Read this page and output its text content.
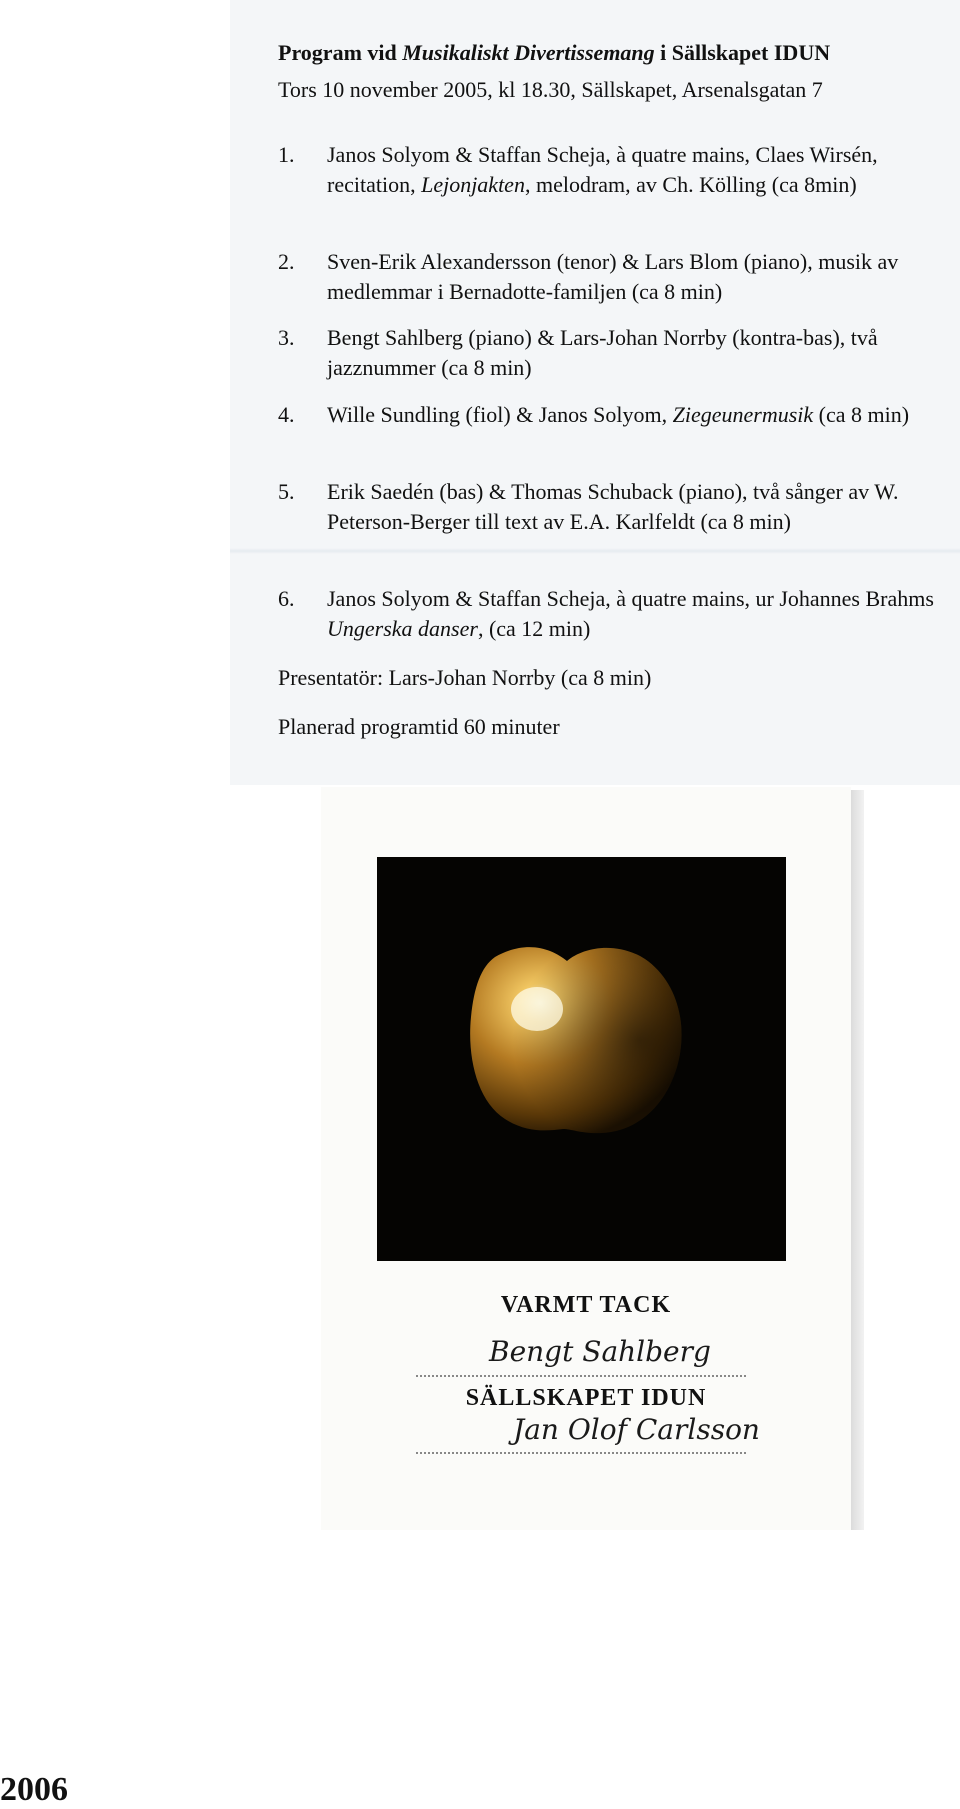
Program vid Musikaliskt Divertissemang i Sällskapet IDUN
Tors 10 november 2005, kl 18.30, Sällskapet, Arsenalsgatan 7
1.	Janos Solyom & Staffan Scheja, à quatre mains, Claes Wirsén, recitation, Lejonjakten, melodram, av Ch. Kölling (ca 8min)
2.	Sven-Erik Alexandersson (tenor) & Lars Blom (piano), musik av medlemmar i Bernadotte-familjen (ca 8 min)
3.	Bengt Sahlberg (piano) & Lars-Johan Norrby (kontra-bas), två jazznummer (ca 8 min)
4.	Wille Sundling (fiol) & Janos Solyom, Ziegeunermusik (ca 8 min)
5.	Erik Saedén (bas) & Thomas Schuback (piano), två sånger av W. Peterson-Berger till text av E.A. Karlfeldt (ca 8 min)
6.	Janos Solyom & Staffan Scheja, à quatre mains, ur Johannes Brahms Ungerska danser, (ca 12 min)
Presentatör: Lars-Johan Norrby (ca 8 min)
Planerad programtid 60 minuter
VARMT TACK
Bengt Sahlberg
SÄLLSKAPET IDUN
Jan Olof Carlsson
2006
